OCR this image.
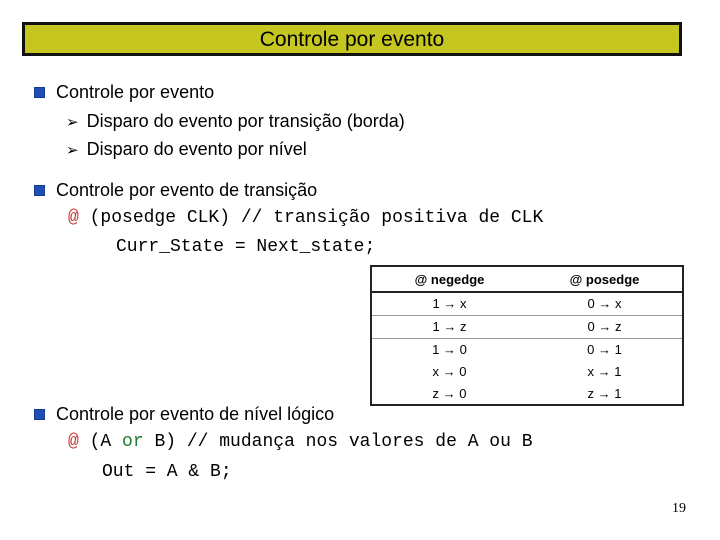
Controle por evento
Controle por evento
➢ Disparo do evento por transição (borda)
➢ Disparo do evento por nível
Controle por evento de transição
@ (posedge CLK) // transição positiva de CLK
Curr_State = Next_state;
@ negedge	@ posedge
1 → x	0 → x
1 → z	0 → z
1 → 0	0 → 1
x → 0	x → 1
z → 0	z → 1
Controle por evento de nível lógico
@ (A or B) // mudança nos valores de A ou B
Out = A & B;
19
